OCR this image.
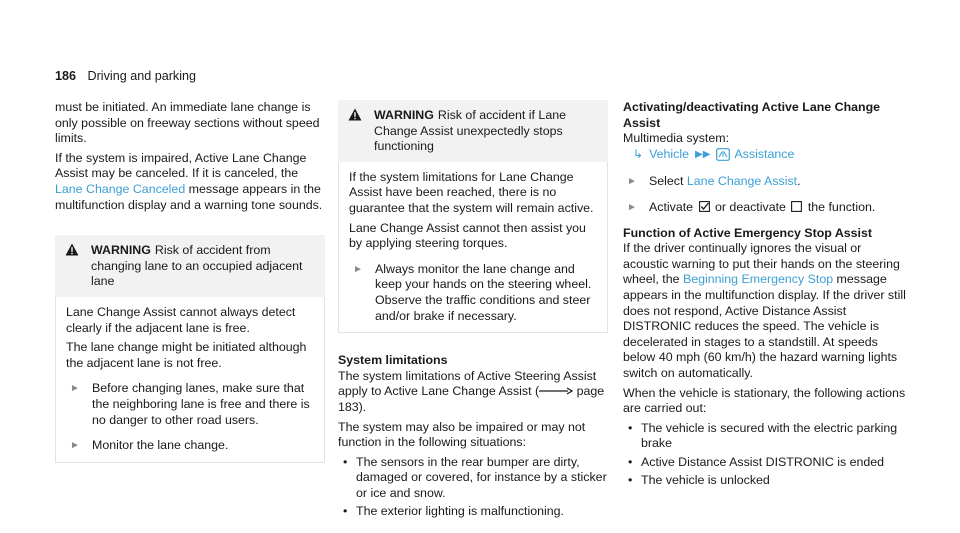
186 Driving and parking

must be initiated. An immediate lane change is only possible on freeway sections without speed limits.

If the system is impaired, Active Lane Change Assist may be canceled. If it is canceled, the Lane Change Canceled message appears in the multifunction display and a warning tone sounds.

WARNING Risk of accident from changing lane to an occupied adjacent lane

Lane Change Assist cannot always detect clearly if the adjacent lane is free.

The lane change might be initiated although the adjacent lane is not free.

► Before changing lanes, make sure that the neighboring lane is free and there is no danger to other road users.
► Monitor the lane change.
WARNING Risk of accident if Lane Change Assist unexpectedly stops functioning

If the system limitations for Lane Change Assist have been reached, there is no guarantee that the system will remain active.

Lane Change Assist cannot then assist you by applying steering torques.

► Always monitor the lane change and keep your hands on the steering wheel. Observe the traffic conditions and steer and/or brake if necessary.
System limitations

The system limitations of Active Steering Assist apply to Active Lane Change Assist (	page 183).

The system may also be impaired or may not function in the following situations:

• The sensors in the rear bumper are dirty, damaged or covered, for instance by a sticker or ice and snow.
• The exterior lighting is malfunctioning.
Activating/deactivating Active Lane Change Assist
Multimedia system:
↳ Vehicle ▶▶ Assistance
► Select Lane Change Assist.
► Activate  or deactivate  the function.
Function of Active Emergency Stop Assist

If the driver continually ignores the visual or acoustic warning to put their hands on the steering wheel, the Beginning Emergency Stop message appears in the multifunction display. If the driver still does not respond, Active Distance Assist DISTRONIC reduces the speed. The vehicle is decelerated in stages to a standstill. At speeds below 40 mph (60 km/h) the hazard warning lights switch on automatically.

When the vehicle is stationary, the following actions are carried out:

• The vehicle is secured with the electric parking brake
• Active Distance Assist DISTRONIC is ended
• The vehicle is unlocked
